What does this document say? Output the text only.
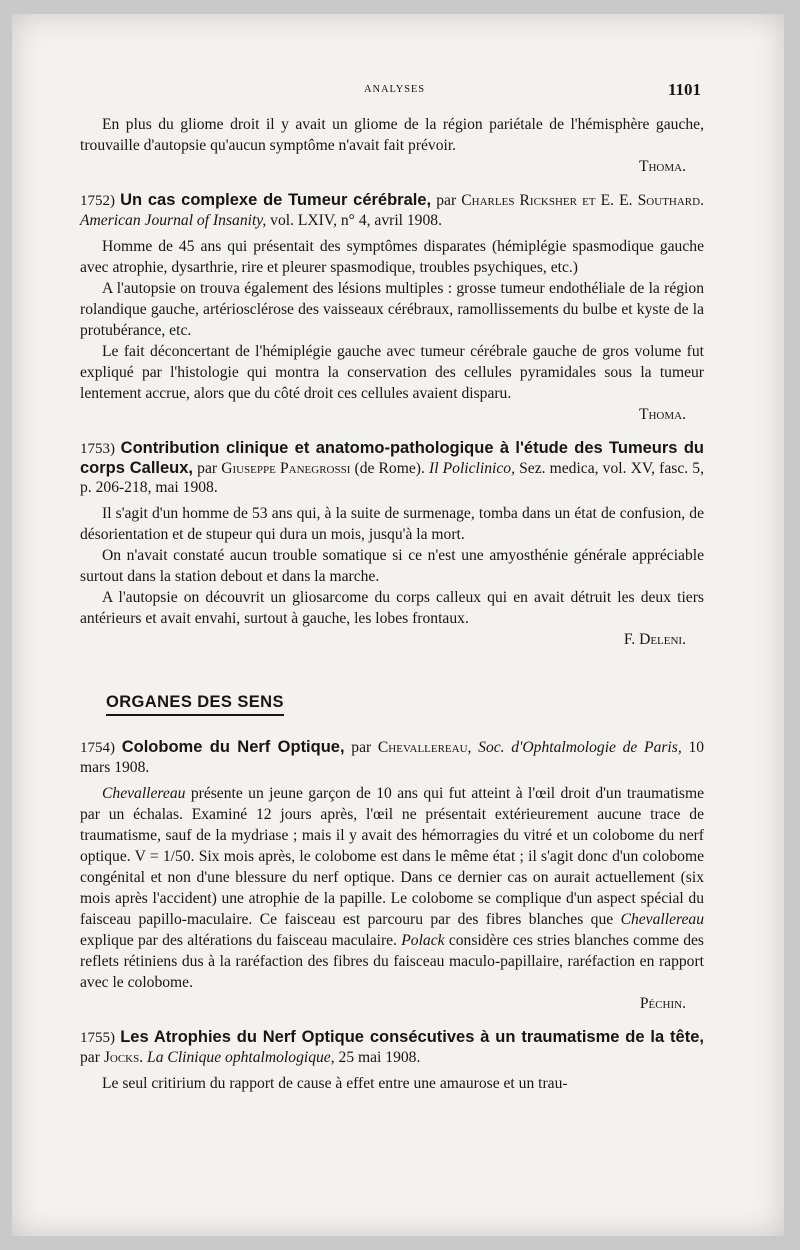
ANALYSES	1101

En plus du gliome droit il y avait un gliome de la région pariétale de l'hémisphère gauche, trouvaille d'autopsie qu'aucun symptôme n'avait fait prévoir.

Thoma.

1752) Un cas complexe de Tumeur cérébrale, par Charles Ricksher et E. E. Southard. American Journal of Insanity, vol. LXIV, n° 4, avril 1908.

Homme de 45 ans qui présentait des symptômes disparates (hémiplégie spasmodique gauche avec atrophie, dysarthrie, rire et pleurer spasmodique, troubles psychiques, etc.)

A l'autopsie on trouva également des lésions multiples : grosse tumeur endothéliale de la région rolandique gauche, artériosclérose des vaisseaux cérébraux, ramollissements du bulbe et kyste de la protubérance, etc.

Le fait déconcertant de l'hémiplégie gauche avec tumeur cérébrale gauche de gros volume fut expliqué par l'histologie qui montra la conservation des cellules pyramidales sous la tumeur lentement accrue, alors que du côté droit ces cellules avaient disparu.

Thoma.

1753) Contribution clinique et anatomo-pathologique à l'étude des Tumeurs du corps Calleux, par Giuseppe Panegrossi (de Rome). Il Policlinico, Sez. medica, vol. XV, fasc. 5, p. 206-218, mai 1908.

Il s'agit d'un homme de 53 ans qui, à la suite de surmenage, tomba dans un état de confusion, de désorientation et de stupeur qui dura un mois, jusqu'à la mort.

On n'avait constaté aucun trouble somatique si ce n'est une amyosthénie générale appréciable surtout dans la station debout et dans la marche.

A l'autopsie on découvrit un gliosarcome du corps calleux qui en avait détruit les deux tiers antérieurs et avait envahi, surtout à gauche, les lobes frontaux.

F. Deleni.

ORGANES DES SENS

1754) Colobome du Nerf Optique, par Chevallereau, Soc. d'Ophtalmologie de Paris, 10 mars 1908.

Chevallereau présente un jeune garçon de 10 ans qui fut atteint à l'œil droit d'un traumatisme par un échalas. Examiné 12 jours après, l'œil ne présentait extérieurement aucune trace de traumatisme, sauf de la mydriase ; mais il y avait des hémorragies du vitré et un colobome du nerf optique. V = 1/50. Six mois après, le colobome est dans le même état ; il s'agit donc d'un colobome congénital et non d'une blessure du nerf optique. Dans ce dernier cas on aurait actuellement (six mois après l'accident) une atrophie de la papille. Le colobome se complique d'un aspect spécial du faisceau papillo-maculaire. Ce faisceau est parcouru par des fibres blanches que Chevallereau explique par des altérations du faisceau maculaire. Polack considère ces stries blanches comme des reflets rétiniens dus à la raréfaction des fibres du faisceau maculo-papillaire, raréfaction en rapport avec le colobome.

Péchin.

1755) Les Atrophies du Nerf Optique consécutives à un traumatisme de la tête, par Jocks. La Clinique ophtalmologique, 25 mai 1908.

Le seul critirium du rapport de cause à effet entre une amaurose et un trau-
